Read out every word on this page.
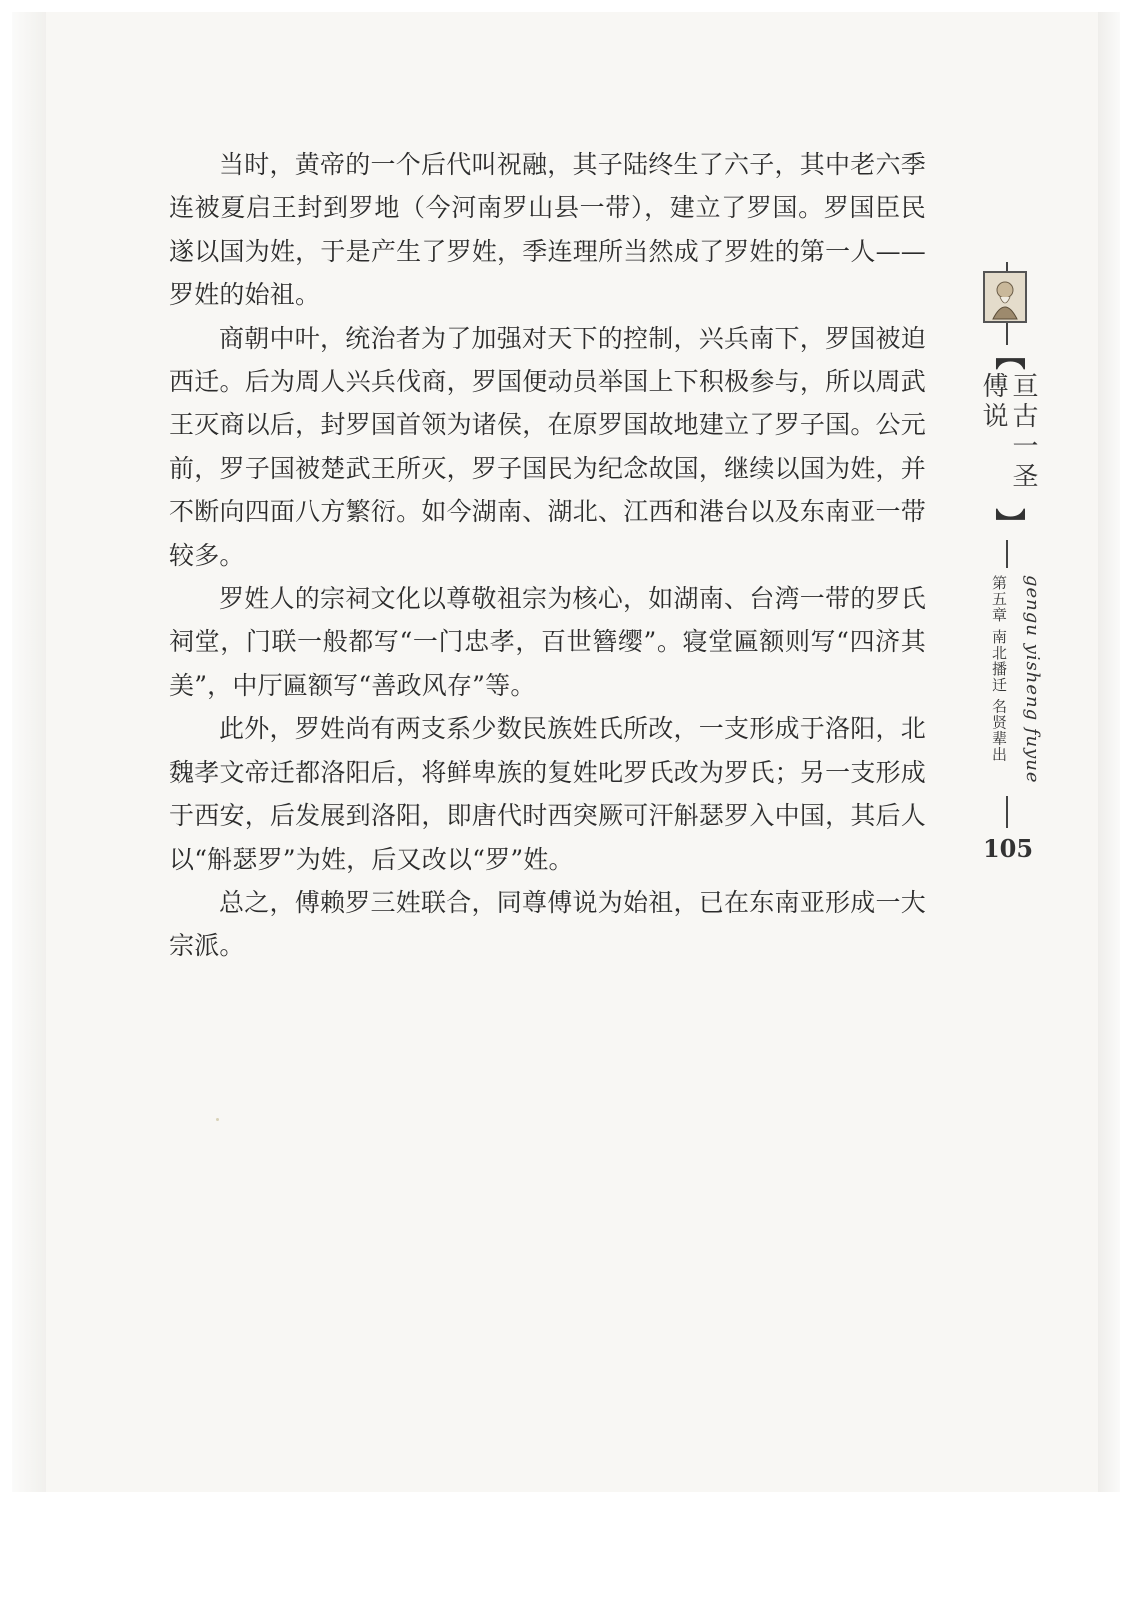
当时，黄帝的一个后代叫祝融，其子陆终生了六子，其中老六季连被夏启王封到罗地（今河南罗山县一带），建立了罗国。罗国臣民遂以国为姓，于是产生了罗姓，季连理所当然成了罗姓的第一人——罗姓的始祖。

商朝中叶，统治者为了加强对天下的控制，兴兵南下，罗国被迫西迁。后为周人兴兵伐商，罗国便动员举国上下积极参与，所以周武王灭商以后，封罗国首领为诸侯，在原罗国故地建立了罗子国。公元前，罗子国被楚武王所灭，罗子国民为纪念故国，继续以国为姓，并不断向四面八方繁衍。如今湖南、湖北、江西和港台以及东南亚一带较多。

罗姓人的宗祠文化以尊敬祖宗为核心，如湖南、台湾一带的罗氏祠堂，门联一般都写“一门忠孝，百世簪缨”。寝堂匾额则写“四济其美”，中厅匾额写“善政风存”等。

此外，罗姓尚有两支系少数民族姓氏所改，一支形成于洛阳，北魏孝文帝迁都洛阳后，将鲜卑族的复姓叱罗氏改为罗氏；另一支形成于西安，后发展到洛阳，即唐代时西突厥可汗斛瑟罗入中国，其后人以“斛瑟罗”为姓，后又改以“罗”姓。

总之，傅赖罗三姓联合，同尊傅说为始祖，已在东南亚形成一大宗派。

【
亘古一圣 傅说
】
第五章 南北播迁 名贤辈出 gengu yisheng fuyue
105
